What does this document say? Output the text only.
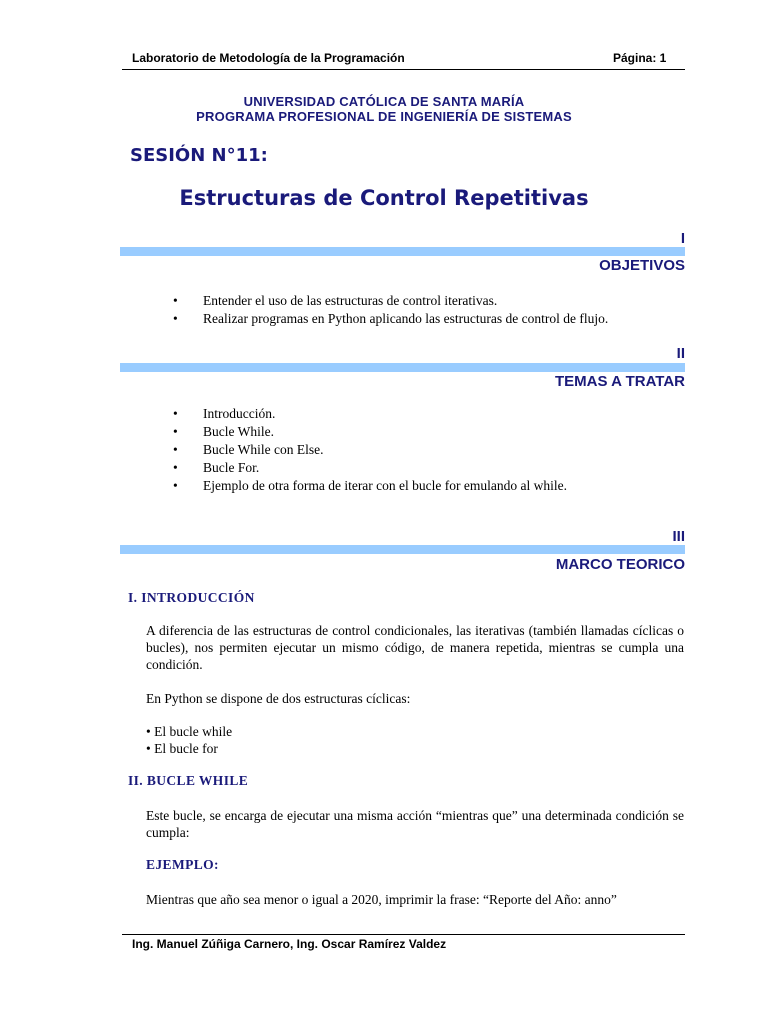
Laboratorio de Metodología de la Programación	Página: 1
UNIVERSIDAD CATÓLICA DE SANTA MARÍA
PROGRAMA PROFESIONAL DE INGENIERÍA DE SISTEMAS
SESIÓN N°11:
Estructuras de Control Repetitivas
I
OBJETIVOS
• Entender el uso de las estructuras de control iterativas.
• Realizar programas en Python aplicando las estructuras de control de flujo.
II
TEMAS A TRATAR
• Introducción.
• Bucle While.
• Bucle While con Else.
• Bucle For.
• Ejemplo de otra forma de iterar con el bucle for emulando al while.
III
MARCO TEORICO
I. INTRODUCCIÓN
A diferencia de las estructuras de control condicionales, las iterativas (también llamadas cíclicas o bucles), nos permiten ejecutar un mismo código, de manera repetida, mientras se cumpla una condición.
En Python se dispone de dos estructuras cíclicas:
• El bucle while
• El bucle for
II. BUCLE WHILE
Este bucle, se encarga de ejecutar una misma acción “mientras que” una determinada condición se cumpla:
EJEMPLO:
Mientras que año sea menor o igual a 2020, imprimir la frase: “Reporte del Año: anno”
Ing. Manuel Zúñiga Carnero, Ing. Oscar Ramírez Valdez
